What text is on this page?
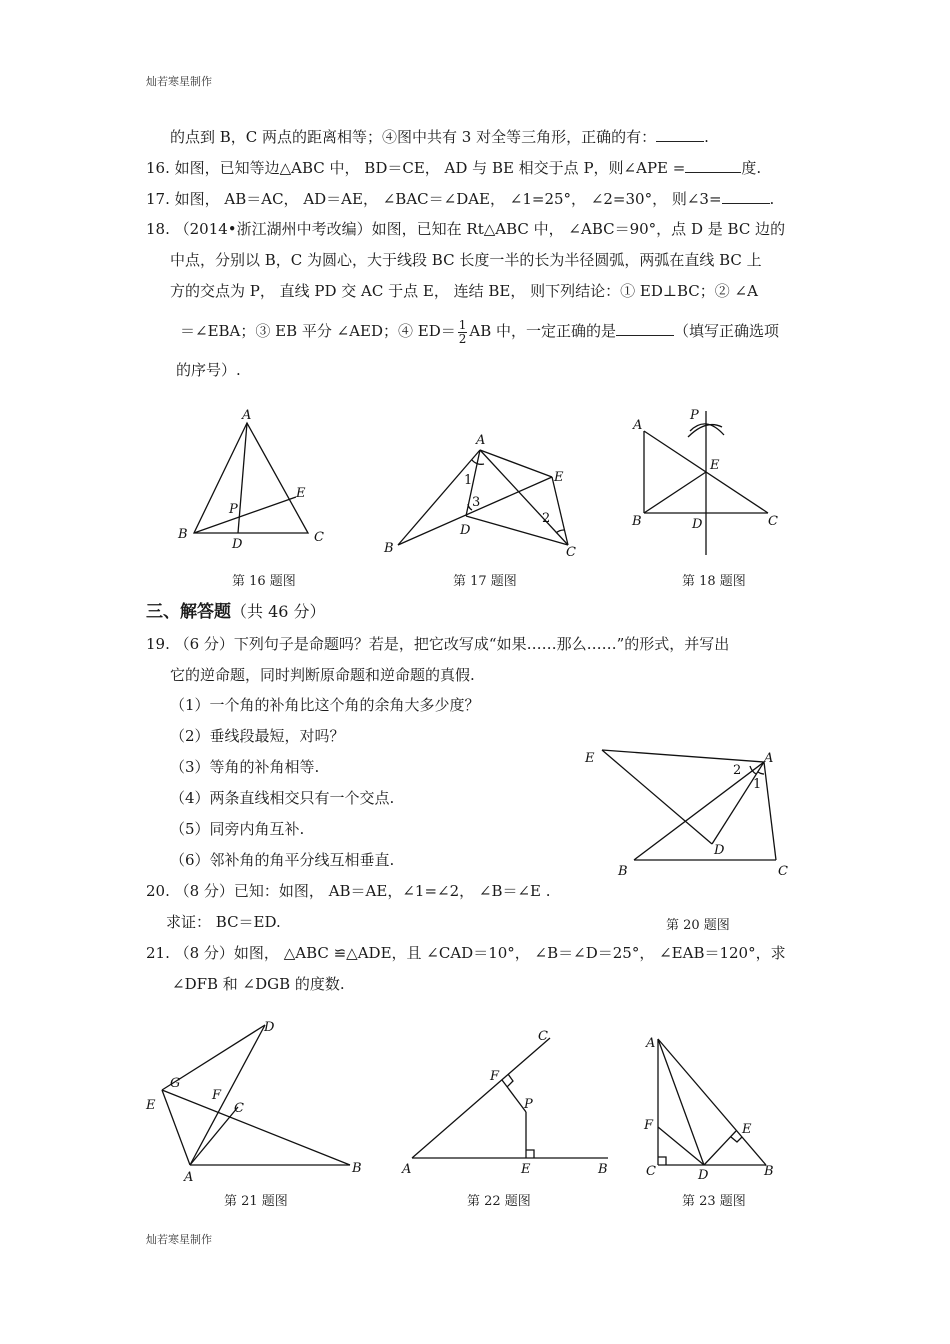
灿若寒星制作
的点到 B，C 两点的距离相等；④图中共有 3 对全等三角形，正确的有：	.
16. 如图，已知等边△ABC 中， BD＝CE， AD 与 BE 相交于点 P，则∠APE =	度.
17. 如图， AB＝AC， AD＝AE， ∠BAC＝∠DAE， ∠1=25°， ∠2=30°， 则∠3=	.
18. （2014•浙江湖州中考改编）如图，已知在 Rt△ABC 中， ∠ABC＝90°，点 D 是 BC 边的
中点，分别以 B，C 为圆心，大于线段 BC 长度一半的长为半径圆弧，两弧在直线 BC 上
方的交点为 P， 直线 PD 交 AC 于点 E， 连结 BE， 则下列结论：① ED⊥BC；② ∠A
＝∠EBA；③ EB 平分 ∠AED；④ $ED= \frac{1}{2}$ AB 中，一定正确的是	（填写正确选项
的序号）.
A
B	C
D
E
P
第 16 题图
A
B	C
D
E
1
2
3
第 17 题图
A
B	C
D
E
P
第 18 题图
三、解答题（共 46 分）
19. （6 分）下列句子是命题吗？若是，把它改写成“如果……那么……”的形式，并写出
它的逆命题，同时判断原命题和逆命题的真假.
（1）一个角的补角比这个角的余角大多少度？
（2）垂线段最短，对吗？
（3）等角的补角相等.
（4）两条直线相交只有一个交点.
（5）同旁内角互补.
（6）邻补角的角平分线互相垂直.
A
B	C
D
E
1
2
20. （8 分）已知：如图， AB＝AE，∠1=∠2， ∠B＝∠E .
求证： BC＝ED.	第 20 题图
21. （8 分）如图， △ABC ≌△ADE，且 ∠CAD＝10°， ∠B＝∠D＝25°， ∠EAB＝120°，求
∠DFB 和 ∠DGB 的度数.
D
E
G
F
C
A
B
第 21 题图
C
F
P
A	E	B
第 22 题图
A
F
C	D
E
B
第 23 题图
灿若寒星制作
